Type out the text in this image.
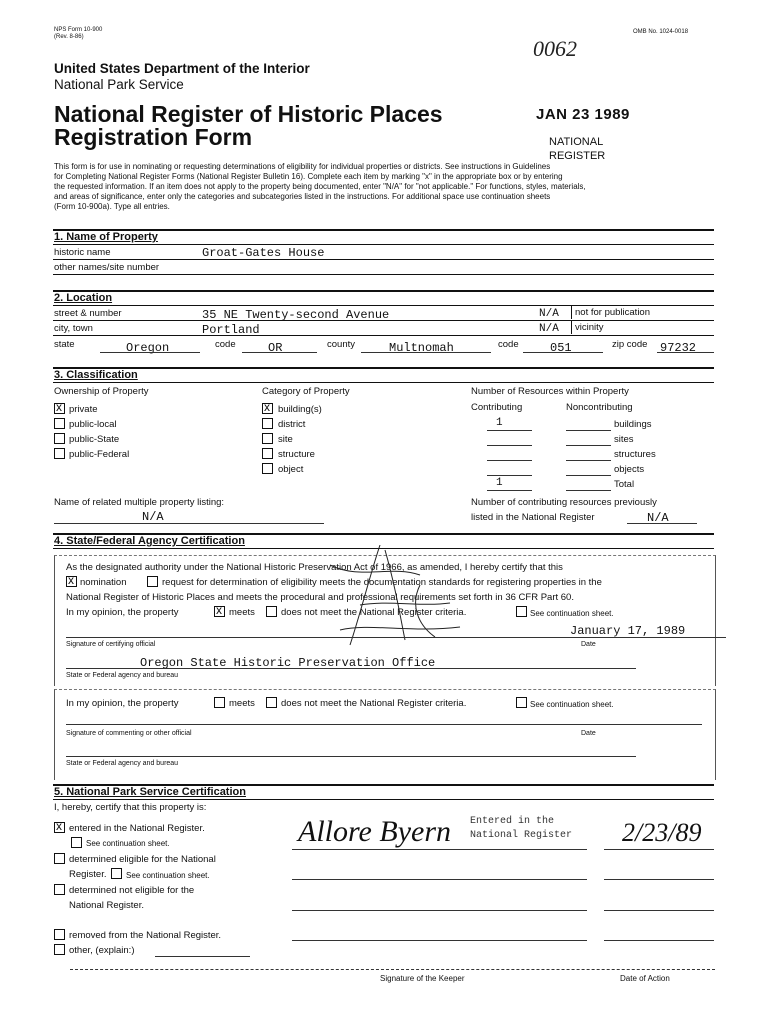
NPS Form 10-900
(Rev. 8-86)
OMB No. 1024-0018
0062
United States Department of the Interior
National Park Service
National Register of Historic Places
Registration Form
JAN 23 1989
NATIONAL
REGISTER
This form is for use in nominating or requesting determinations of eligibility for individual properties or districts. See instructions in Guidelines
for Completing National Register Forms (National Register Bulletin 16). Complete each item by marking "x" in the appropriate box or by entering
the requested information. If an item does not apply to the property being documented, enter "N/A" for "not applicable." For functions, styles, materials,
and areas of significance, enter only the categories and subcategories listed in the instructions. For additional space use continuation sheets
(Form 10-900a). Type all entries.
1. Name of Property
historic name	Groat-Gates House
other names/site number
2. Location
street & number	35 NE Twenty-second Avenue	N/A not for publication
city, town	Portland	N/A vicinity
state	Oregon	code	OR	county	Multnomah	code	051	zip code 97232
3. Classification
Ownership of Property	Category of Property	Number of Resources within Property
x
private
public-local
public-State
public-Federal
x
building(s)
district
site
structure
object
Contributing	Noncontributing
1	buildings
sites
structures
objects
1	Total
Name of related multiple property listing:
N/A
Number of contributing resources previously
listed in the National Register	N/A
4. State/Federal Agency Certification
As the designated authority under the National Historic Preservation Act of 1966, as amended, I hereby certify that this
x
nomination	request for determination of eligibility meets the documentation standards for registering properties in the
National Register of Historic Places and meets the procedural and professional requirements set forth in 36 CFR Part 60.
In my opinion, the property
x	meets	does not meet the National Register criteria.	See continuation sheet.
January 17, 1989
Signature of certifying official	Date
Oregon State Historic Preservation Office
State or Federal agency and bureau
In my opinion, the property	meets	does not meet the National Register criteria.	See continuation sheet.
Signature of commenting or other official	Date
State or Federal agency and bureau
5. National Park Service Certification
I, hereby, certify that this property is:
x
entered in the National Register.
See continuation sheet.
determined eligible for the National
Register. See continuation sheet.
determined not eligible for the
National Register.
removed from the National Register.
other, (explain:)
Allore Byern Entered in the
National Register 2/23/89
Signature of the Keeper	Date of Action
